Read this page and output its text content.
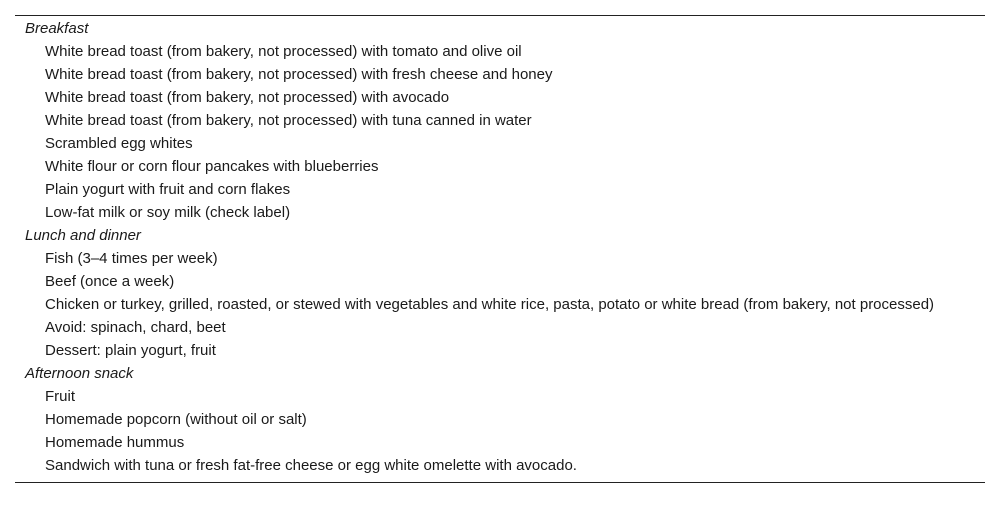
Breakfast
White bread toast (from bakery, not processed) with tomato and olive oil
White bread toast (from bakery, not processed) with fresh cheese and honey
White bread toast (from bakery, not processed) with avocado
White bread toast (from bakery, not processed) with tuna canned in water
Scrambled egg whites
White flour or corn flour pancakes with blueberries
Plain yogurt with fruit and corn flakes
Low-fat milk or soy milk (check label)
Lunch and dinner
Fish (3–4 times per week)
Beef (once a week)
Chicken or turkey, grilled, roasted, or stewed with vegetables and white rice, pasta, potato or white bread (from bakery, not processed)
Avoid: spinach, chard, beet
Dessert: plain yogurt, fruit
Afternoon snack
Fruit
Homemade popcorn (without oil or salt)
Homemade hummus
Sandwich with tuna or fresh fat-free cheese or egg white omelette with avocado.
